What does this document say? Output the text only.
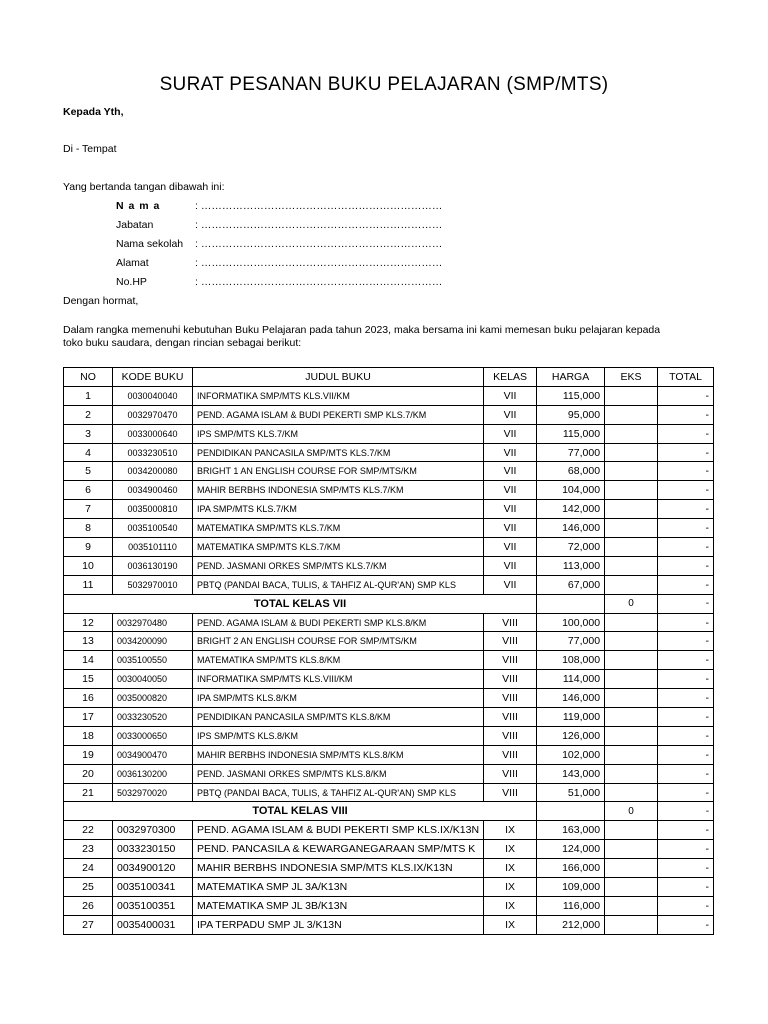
SURAT PESANAN BUKU PELAJARAN (SMP/MTS)
Kepada Yth,
Di - Tempat
Yang bertanda tangan dibawah ini:
N a m a	: ……………………………………………………………
Jabatan	: ……………………………………………………………
Nama sekolah : ……………………………………………………………
Alamat	: ……………………………………………………………
No.HP	: ……………………………………………………………
Dengan hormat,
Dalam rangka memenuhi kebutuhan Buku Pelajaran pada tahun 2023, maka bersama ini kami memesan buku pelajaran kepada
toko buku saudara, dengan rincian sebagai berikut:
NO	KODE BUKU	JUDUL BUKU	KELAS	HARGA	EKS	TOTAL
1	0030040040	INFORMATIKA SMP/MTS KLS.VII/KM	VII	115,000		-
2	0032970470	PEND. AGAMA ISLAM & BUDI PEKERTI SMP KLS.7/KM	VII	95,000		-
3	0033000640	IPS SMP/MTS KLS.7/KM	VII	115,000		-
4	0033230510	PENDIDIKAN PANCASILA SMP/MTS KLS.7/KM	VII	77,000		-
5	0034200080	BRIGHT 1 AN ENGLISH COURSE FOR SMP/MTS/KM	VII	68,000		-
6	0034900460	MAHIR BERBHS INDONESIA SMP/MTS KLS.7/KM	VII	104,000		-
7	0035000810	IPA SMP/MTS KLS.7/KM	VII	142,000		-
8	0035100540	MATEMATIKA SMP/MTS KLS.7/KM	VII	146,000		-
9	0035101110	MATEMATIKA SMP/MTS KLS.7/KM	VII	72,000		-
10	0036130190	PEND. JASMANI ORKES SMP/MTS KLS.7/KM	VII	113,000		-
11	5032970010	PBTQ (PANDAI BACA, TULIS, & TAHFIZ AL-QUR'AN) SMP KLS	VII	67,000		-
TOTAL KELAS VII					0	-
12	0032970480	PEND. AGAMA ISLAM & BUDI PEKERTI SMP KLS.8/KM	VIII	100,000		-
13	0034200090	BRIGHT 2 AN ENGLISH COURSE FOR SMP/MTS/KM	VIII	77,000		-
14	0035100550	MATEMATIKA SMP/MTS KLS.8/KM	VIII	108,000		-
15	0030040050	INFORMATIKA SMP/MTS KLS.VIII/KM	VIII	114,000		-
16	0035000820	IPA SMP/MTS KLS.8/KM	VIII	146,000		-
17	0033230520	PENDIDIKAN PANCASILA SMP/MTS KLS.8/KM	VIII	119,000		-
18	0033000650	IPS SMP/MTS KLS.8/KM	VIII	126,000		-
19	0034900470	MAHIR BERBHS INDONESIA SMP/MTS KLS.8/KM	VIII	102,000		-
20	0036130200	PEND. JASMANI ORKES SMP/MTS KLS.8/KM	VIII	143,000		-
21	5032970020	PBTQ (PANDAI BACA, TULIS, & TAHFIZ AL-QUR'AN) SMP KLS	VIII	51,000		-
TOTAL KELAS VIII					0	-
22	0032970300	PEND. AGAMA ISLAM & BUDI PEKERTI SMP KLS.IX/K13N	IX	163,000		-
23	0033230150	PEND. PANCASILA & KEWARGANEGARAAN SMP/MTS K	IX	124,000		-
24	0034900120	MAHIR BERBHS INDONESIA SMP/MTS KLS.IX/K13N	IX	166,000		-
25	0035100341	MATEMATIKA SMP JL 3A/K13N	IX	109,000		-
26	0035100351	MATEMATIKA SMP JL 3B/K13N	IX	116,000		-
27	0035400031	IPA TERPADU SMP JL 3/K13N	IX	212,000		-
